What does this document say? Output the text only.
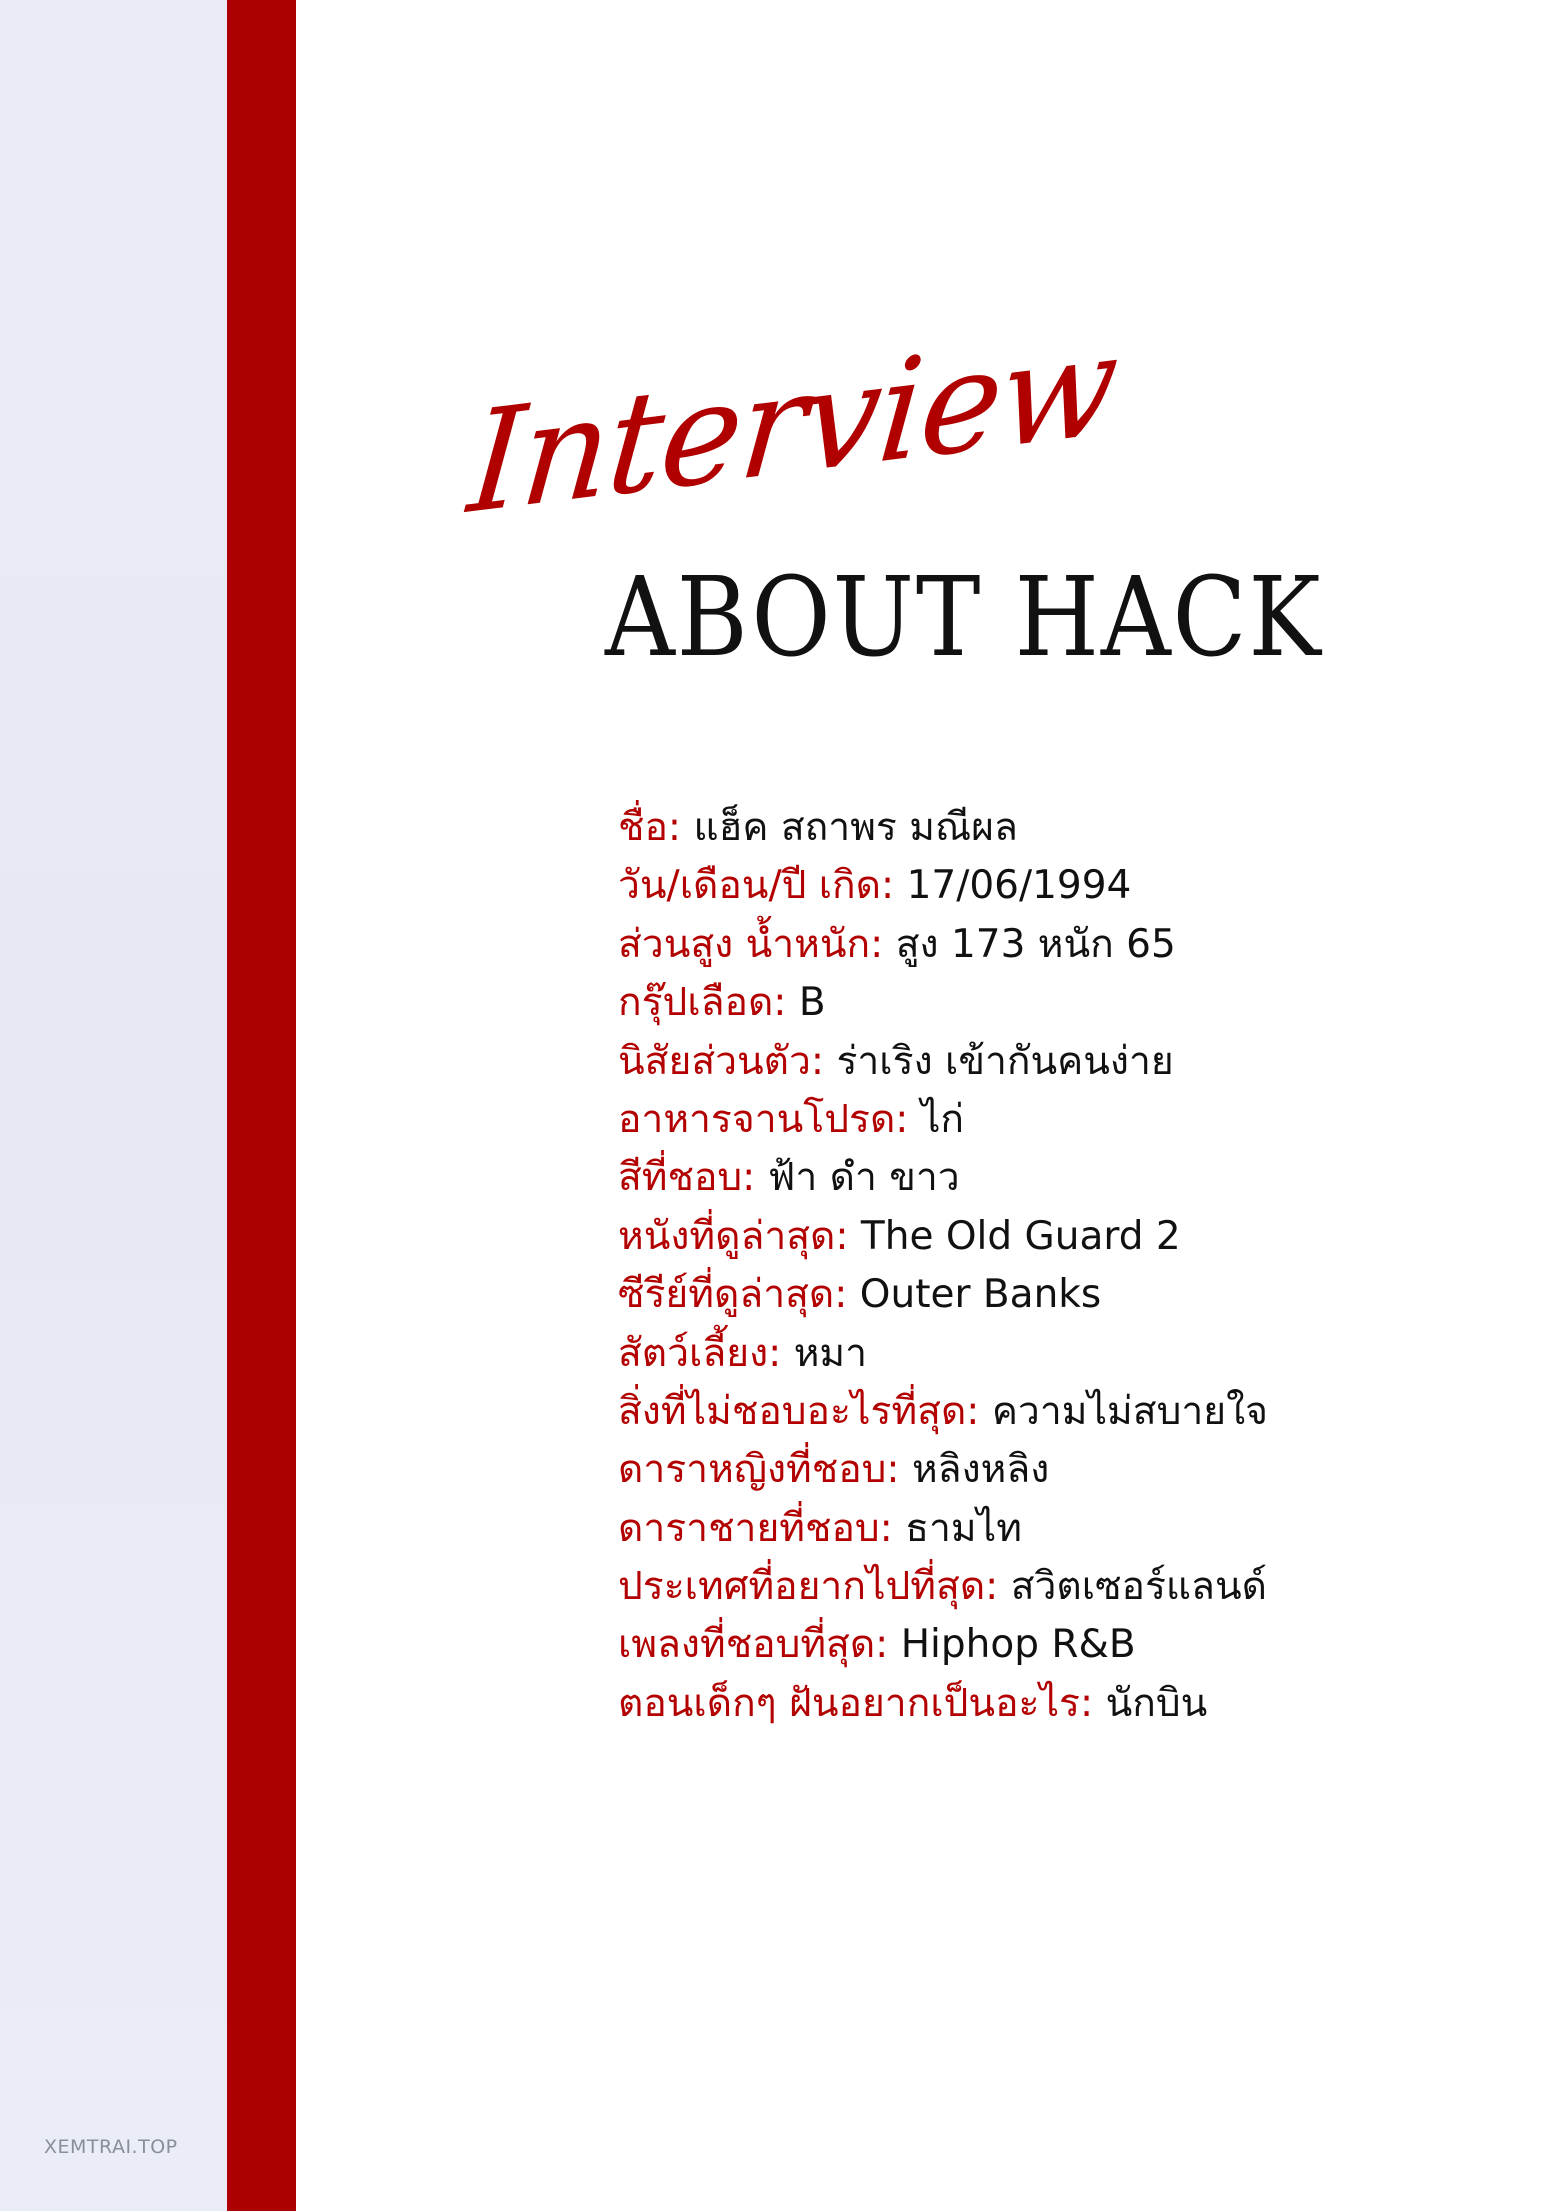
Interview
ABOUT HACK
ชื่อ: แฮ็ค สถาพร มณีผล
วัน/เดือน/ปี เกิด: 17/06/1994
ส่วนสูง น้ำหนัก: สูง 173 หนัก 65
กรุ๊ปเลือด: B
นิสัยส่วนตัว: ร่าเริง เข้ากันคนง่าย
อาหารจานโปรด: ไก่
สีที่ชอบ: ฟ้า ดำ ขาว
หนังที่ดูล่าสุด: The Old Guard 2
ซีรีย์ที่ดูล่าสุด: Outer Banks
สัตว์เลี้ยง: หมา
สิ่งที่ไม่ชอบอะไรที่สุด: ความไม่สบายใจ
ดาราหญิงที่ชอบ: หลิงหลิง
ดาราชายที่ชอบ: ธามไท
ประเทศที่อยากไปที่สุด: สวิตเซอร์แลนด์
เพลงที่ชอบที่สุด: Hiphop R&B
ตอนเด็กๆ ฝันอยากเป็นอะไร: นักบิน
XEMTRAI.TOP
